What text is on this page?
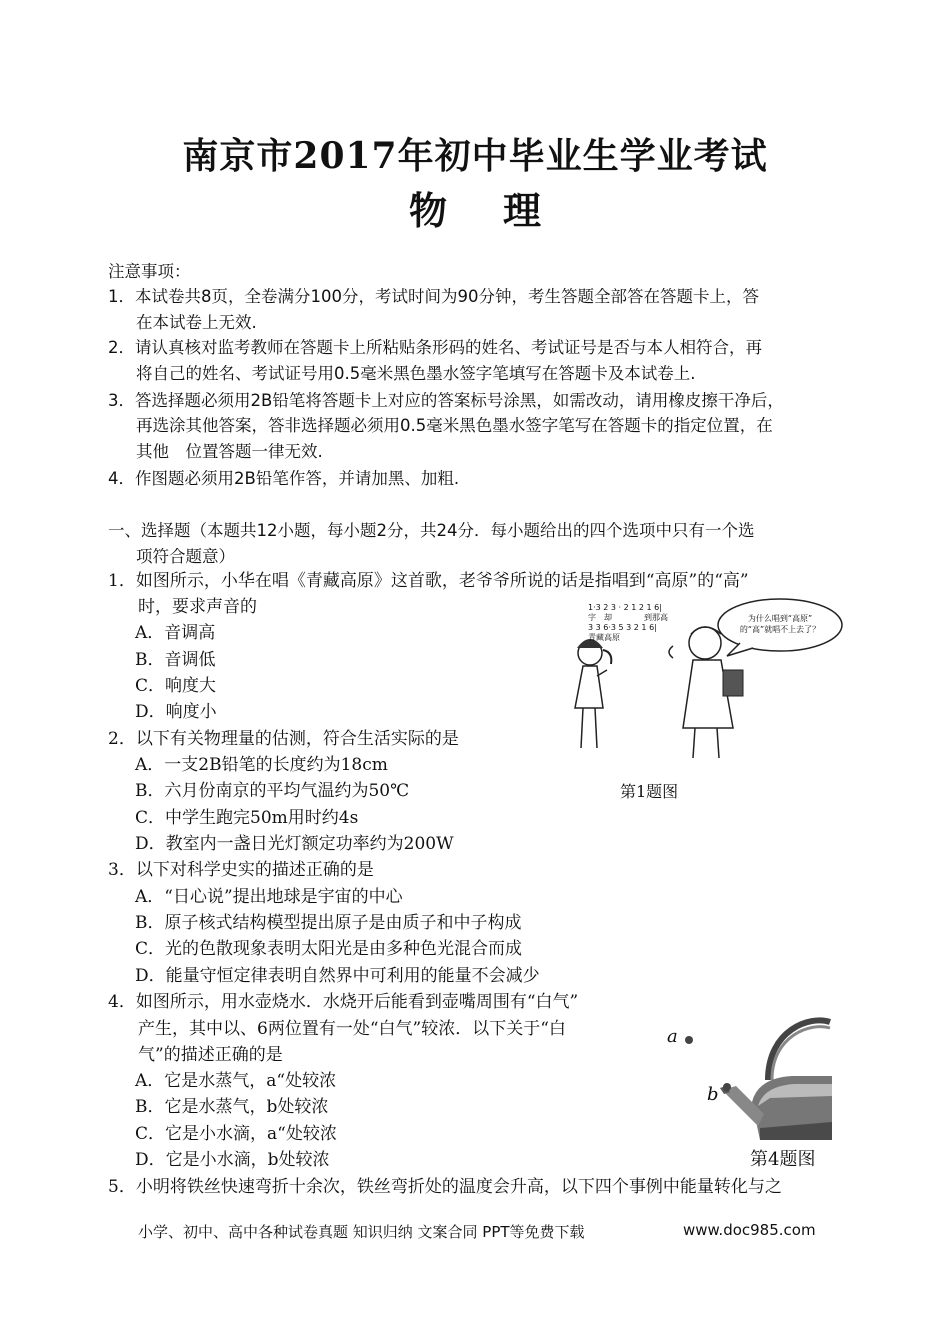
南京市2017年初中毕业生学业考试
物理
注意事项：
1．本试卷共8页，全卷满分100分，考试时间为90分钟，考生答题全部答在答题卡上，答
在本试卷上无效.
2．请认真核对监考教师在答题卡上所粘贴条形码的姓名、考试证号是否与本人相符合，再
将自己的姓名、考试证号用0.5毫米黑色墨水签字笔填写在答题卡及本试卷上.
3．答选择题必须用2B铅笔将答题卡上对应的答案标号涂黑，如需改动，请用橡皮擦干净后，
再选涂其他答案，答非选择题必须用0.5毫米黑色墨水签字笔写在答题卡的指定位置，在
其他　位置答题一律无效.
4．作图题必须用2B铅笔作答，并请加黑、加粗.
一、选择题（本题共12小题，每小题2分，共24分．每小题给出的四个选项中只有一个选
项符合题意）
1．如图所示，小华在唱《青藏高原》这首歌，老爷爷所说的话是指唱到“高原”的“高”
时，要求声音的
A．音调高
B．音调低
C．响度大
D．响度小
为什么唱到“高原”
的“高”就唱不上去了？
1·3 2 3 · 2 1 2 1 6|
字　却　　　　到那高
3 3 6·3 5 3 2 1 6|
青藏高原
第1题图
2．以下有关物理量的估测，符合生活实际的是
A．一支2B铅笔的长度约为18cm
B．六月份南京的平均气温约为50℃
C．中学生跑完50m用时约4s
D．教室内一盏日光灯额定功率约为200W
3．以下对科学史实的描述正确的是
A．“日心说”提出地球是宇宙的中心
B．原子核式结构模型提出原子是由质子和中子构成
C．光的色散现象表明太阳光是由多种色光混合而成
D．能量守恒定律表明自然界中可利用的能量不会减少
4．如图所示，用水壶烧水．水烧开后能看到壶嘴周围有“白气”
产生，其中以、6两位置有一处“白气”较浓．以下关于“白
气”的描述正确的是
A．它是水蒸气，a“处较浓
B．它是水蒸气，b处较浓
C．它是小水滴，a“处较浓
D．它是小水滴，b处较浓
a
b
第4题图
5．小明将铁丝快速弯折十余次，铁丝弯折处的温度会升高，以下四个事例中能量转化与之
小学、初中、高中各种试卷真题 知识归纳 文案合同 PPT等免费下载	www.doc985.com
